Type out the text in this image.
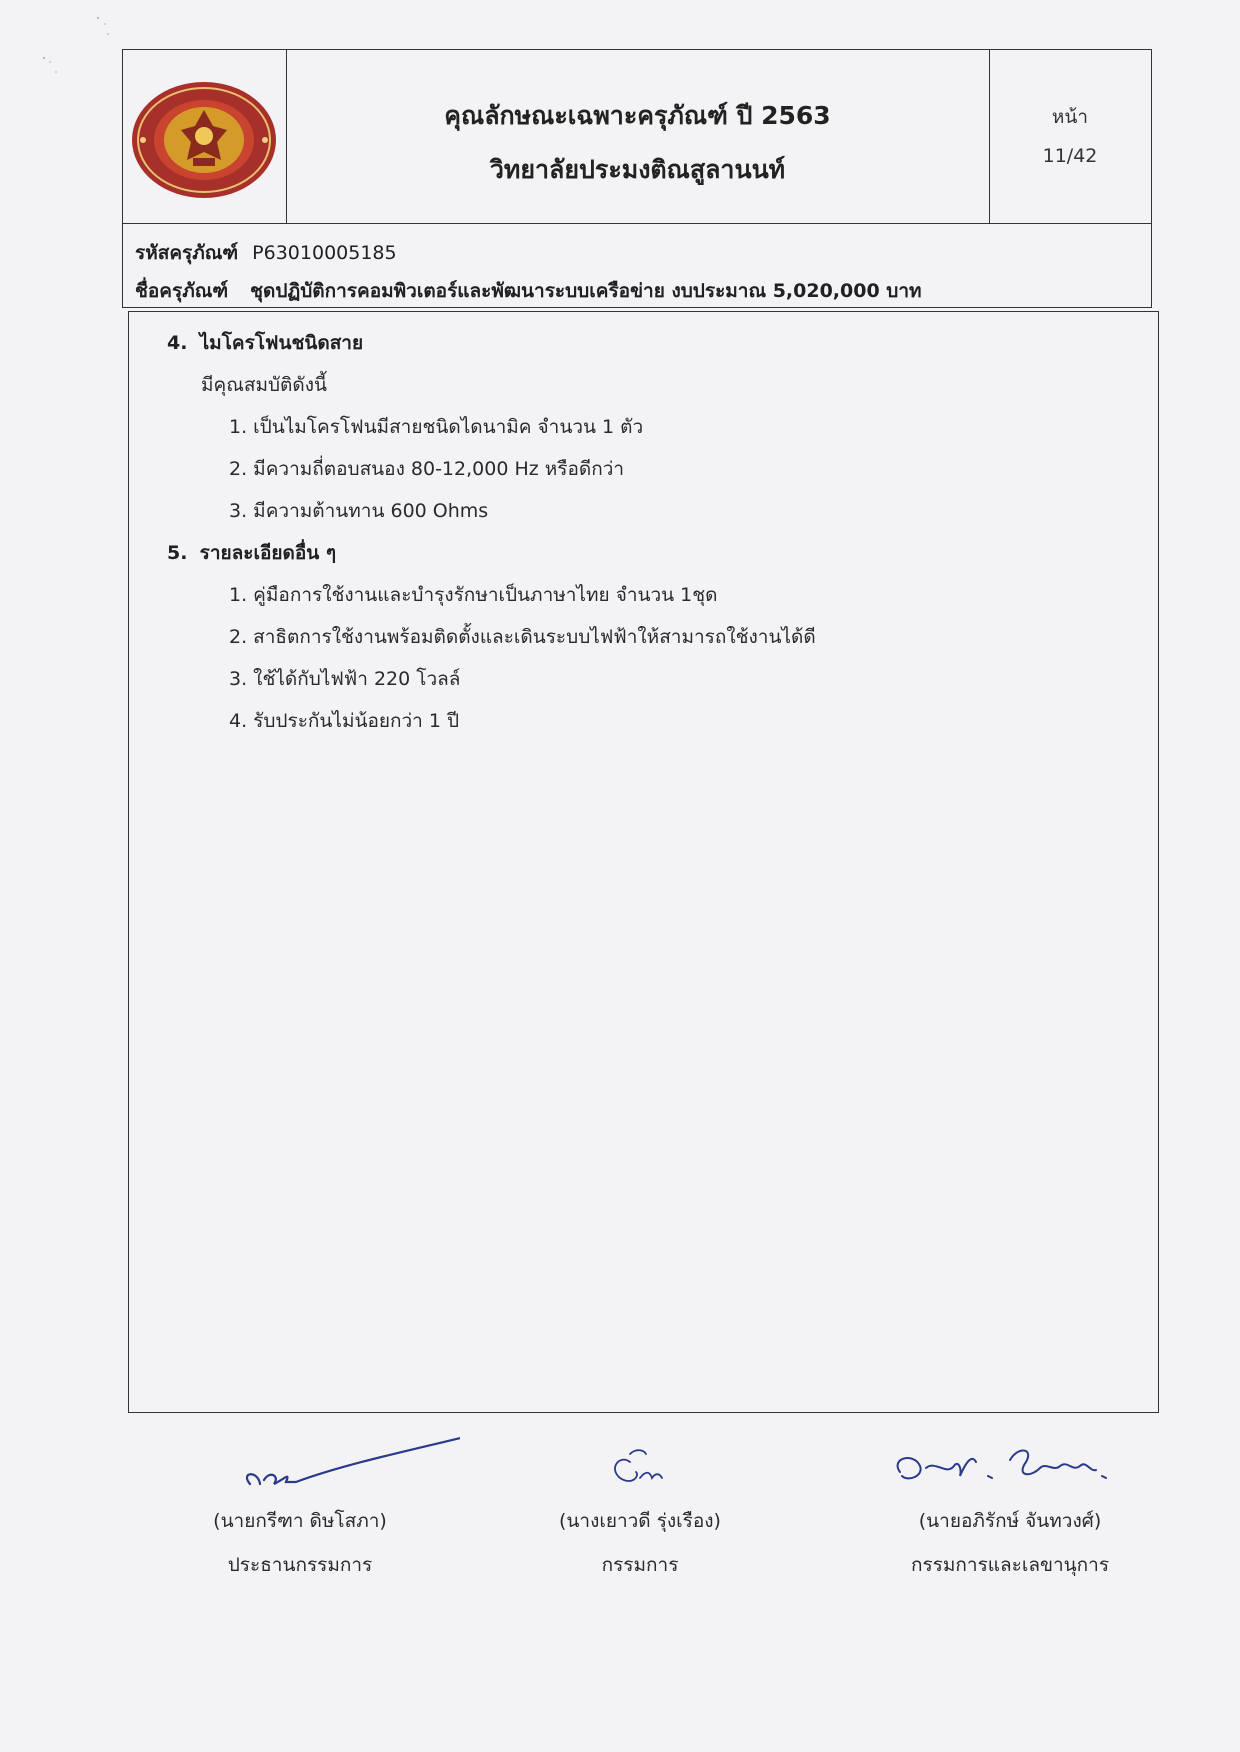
คุณลักษณะเฉพาะครุภัณฑ์ ปี 2563
วิทยาลัยประมงติณสูลานนท์
หน้า
11/42
รหัสครุภัณฑ์ P63010005185
ชื่อครุภัณฑ์ ชุดปฏิบัติการคอมพิวเตอร์และพัฒนาระบบเครือข่าย งบประมาณ 5,020,000 บาท
4. ไมโครโฟนชนิดสาย
มีคุณสมบัติดังนี้
1. เป็นไมโครโฟนมีสายชนิดไดนามิค จำนวน 1 ตัว
2. มีความถี่ตอบสนอง 80-12,000 Hz หรือดีกว่า
3. มีความต้านทาน 600 Ohms
5. รายละเอียดอื่น ๆ
1. คู่มือการใช้งานและบำรุงรักษาเป็นภาษาไทย จำนวน 1ชุด
2. สาธิตการใช้งานพร้อมติดตั้งและเดินระบบไฟฟ้าให้สามารถใช้งานได้ดี
3. ใช้ได้กับไฟฟ้า 220 โวลล์
4. รับประกันไม่น้อยกว่า 1 ปี
(นายกรีฑา ดิษโสภา)
ประธานกรรมการ
(นางเยาวดี รุ่งเรือง)
กรรมการ
(นายอภิรักษ์ จันทวงศ์)
กรรมการและเลขานุการ
